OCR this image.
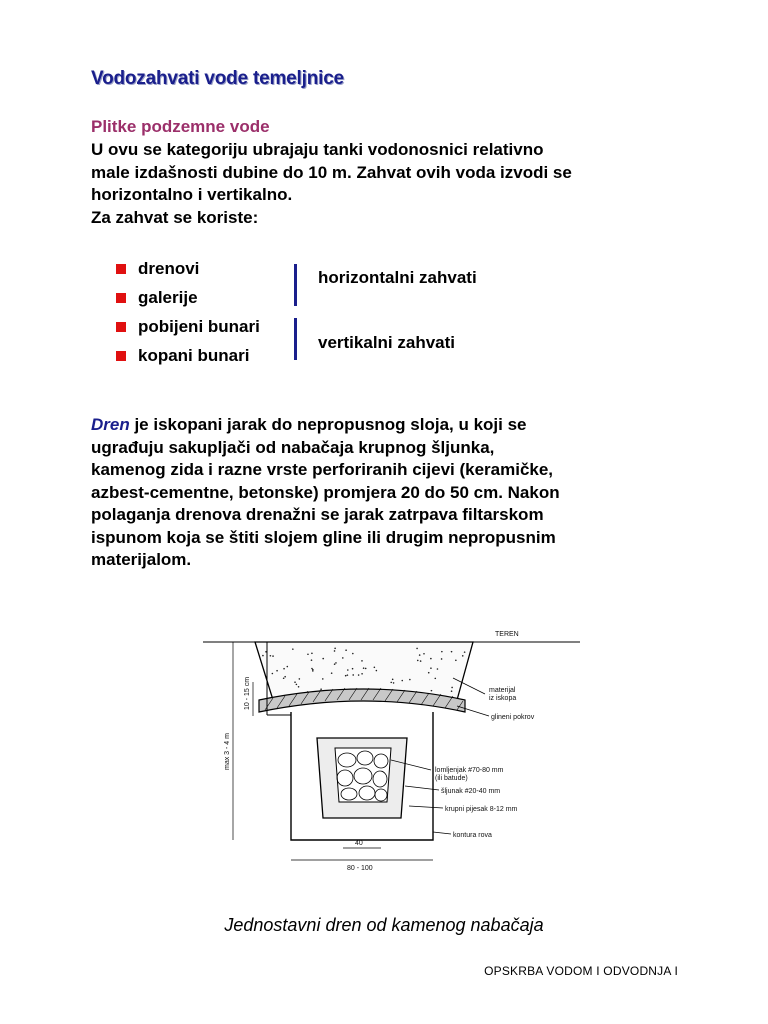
Vodozahvati vode temeljnice
Plitke podzemne vode

U ovu se kategoriju ubrajaju tanki vodonosnici relativno
male izdašnosti dubine do 10 m. Zahvat ovih voda izvodi se
horizontalno i vertikalno.
Za zahvat se koriste:

drenovi
galerije
pobijeni bunari
kopani bunari
horizontalni zahvati
vertikalni zahvati

Dren je iskopani jarak do nepropusnog sloja, u koji se
ugrađuju sakupljači od nabačaja krupnog šljunka,
kamenog zida i razne vrste perforiranih cijevi (keramičke,
azbest-cementne, betonske) promjera 20 do 50 cm. Nakon
polaganja drenova drenažni se jarak zatrpava filtarskom
ispunom koja se štiti slojem gline ili drugim nepropusnim
materijalom.

TEREN
materijal
iz iskopa
glineni pokrov
lomljenjak #70-80 mm
(ili batude)
šljunak #20-40 mm
krupni pijesak 8-12 mm
kontura rova
40
80 - 100
max 3 - 4 m
10 - 15 cm
Jednostavni dren od kamenog nabačaja
OPSKRBA VODOM I ODVODNJA I
